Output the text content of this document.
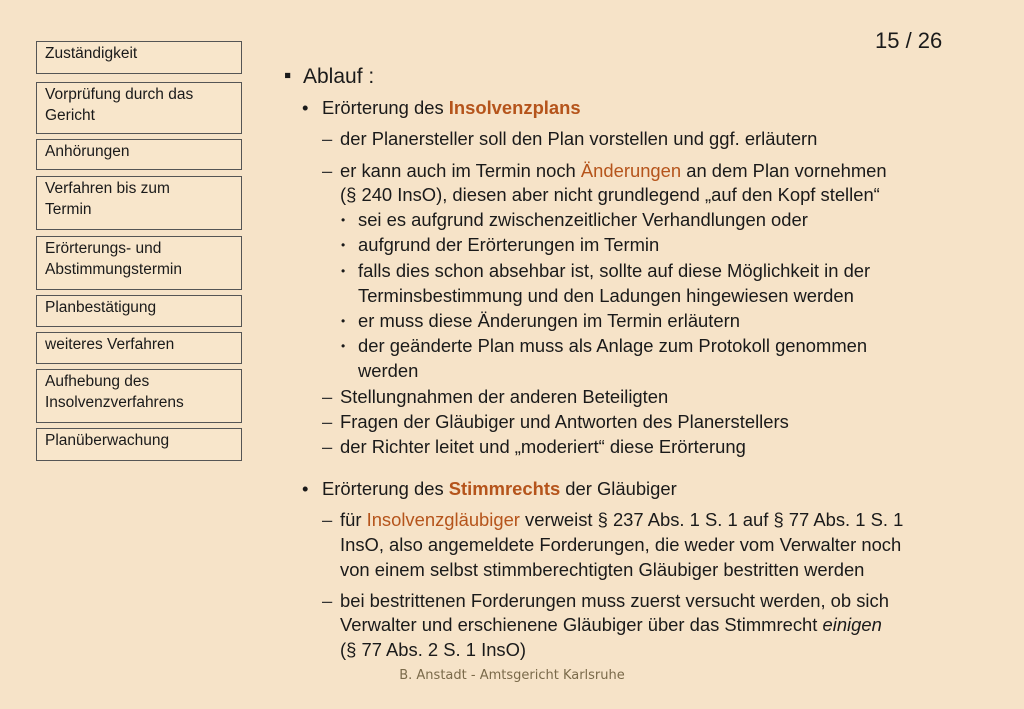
Zuständigkeit
Vorprüfung durch das
Gericht
Anhörungen
Verfahren bis zum
Termin
Erörterungs- und
Abstimmungstermin
Planbestätigung
weiteres Verfahren
Aufhebung des
Insolvenzverfahrens
Planüberwachung
15 / 26
▪ Ablauf :
• Erörterung des Insolvenzplans
– der Planersteller soll den Plan vorstellen und ggf. erläutern
– er kann auch im Termin noch Änderungen an dem Plan vornehmen
(§ 240 InsO), diesen aber nicht grundlegend „auf den Kopf stellen“
• sei es aufgrund zwischenzeitlicher Verhandlungen oder
• aufgrund der Erörterungen im Termin
• falls dies schon absehbar ist, sollte auf diese Möglichkeit in der
Terminsbestimmung und den Ladungen hingewiesen werden
• er muss diese Änderungen im Termin erläutern
• der geänderte Plan muss als Anlage zum Protokoll genommen
werden
– Stellungnahmen der anderen Beteiligten
– Fragen der Gläubiger und Antworten des Planerstellers
– der Richter leitet und „moderiert“ diese Erörterung
• Erörterung des Stimmrechts der Gläubiger
– für Insolvenzgläubiger verweist § 237 Abs. 1 S. 1 auf § 77 Abs. 1 S. 1
InsO, also angemeldete Forderungen, die weder vom Verwalter noch
von einem selbst stimmberechtigten Gläubiger bestritten werden
– bei bestrittenen Forderungen muss zuerst versucht werden, ob sich
Verwalter und erschienene Gläubiger über das Stimmrecht einigen
(§ 77 Abs. 2 S. 1 InsO)
B. Anstadt - Amtsgericht Karlsruhe
